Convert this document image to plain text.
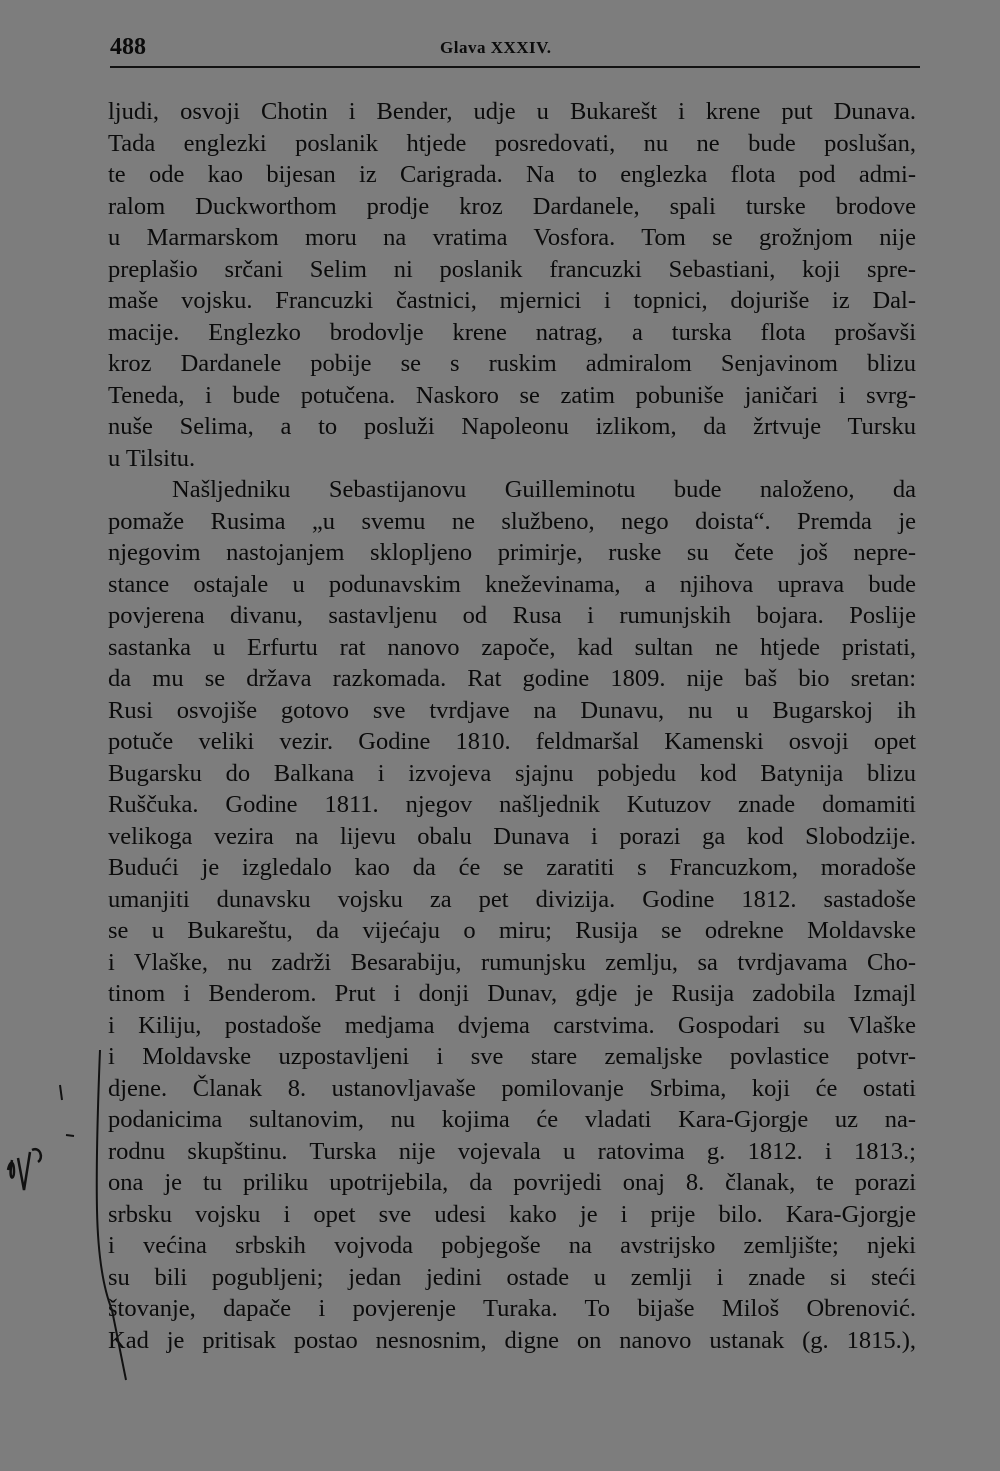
488	Glava XXXIV.
ljudi, osvoji Chotin i Bender, udje u Bukarešt i krene put Dunava.
Tada englezki poslanik htjede posredovati, nu ne bude poslušan,
te ode kao bijesan iz Carigrada. Na to englezka flota pod admi-
ralom Duckworthom prodje kroz Dardanele, spali turske brodove
u Marmarskom moru na vratima Vosfora. Tom se grožnjom nije
preplašio srčani Selim ni poslanik francuzki Sebastiani, koji spre-
maše vojsku. Francuzki častnici, mjernici i topnici, dojuriše iz Dal-
macije. Englezko brodovlje krene natrag, a turska flota prošavši
kroz Dardanele pobije se s ruskim admiralom Senjavinom blizu
Teneda, i bude potučena. Naskoro se zatim pobuniše janičari i svrg-
nuše Selima, a to posluži Napoleonu izlikom, da žrtvuje Tursku
u Tilsitu.
Našljedniku Sebastijanovu Guilleminotu bude naloženo, da
pomaže Rusima „u svemu ne službeno, nego doista“. Premda je
njegovim nastojanjem sklopljeno primirje, ruske su čete još nepre-
stance ostajale u podunavskim kneževinama, a njihova uprava bude
povjerena divanu, sastavljenu od Rusa i rumunjskih bojara. Poslije
sastanka u Erfurtu rat nanovo započe, kad sultan ne htjede pristati,
da mu se država razkomada. Rat godine 1809. nije baš bio sretan:
Rusi osvojiše gotovo sve tvrdjave na Dunavu, nu u Bugarskoj ih
potuče veliki vezir. Godine 1810. feldmaršal Kamenski osvoji opet
Bugarsku do Balkana i izvojeva sjajnu pobjedu kod Batynija blizu
Ruščuka. Godine 1811. njegov našljednik Kutuzov znade domamiti
velikoga vezira na lijevu obalu Dunava i porazi ga kod Slobodzije.
Budući je izgledalo kao da će se zaratiti s Francuzkom, moradoše
umanjiti dunavsku vojsku za pet divizija. Godine 1812. sastadoše
se u Bukareštu, da vijećaju o miru; Rusija se odrekne Moldavske
i Vlaške, nu zadrži Besarabiju, rumunjsku zemlju, sa tvrdjavama Cho-
tinom i Benderom. Prut i donji Dunav, gdje je Rusija zadobila Izmajl
i Kiliju, postadoše medjama dvjema carstvima. Gospodari su Vlaške
i Moldavske uzpostavljeni i sve stare zemaljske povlastice potvr-
djene. Članak 8. ustanovljavaše pomilovanje Srbima, koji će ostati
podanicima sultanovim, nu kojima će vladati Kara-Gjorgje uz na-
rodnu skupštinu. Turska nije vojevala u ratovima g. 1812. i 1813.;
ona je tu priliku upotrijebila, da povrijedi onaj 8. članak, te porazi
srbsku vojsku i opet sve udesi kako je i prije bilo. Kara-Gjorgje
i većina srbskih vojvoda pobjegoše na avstrijsko zemljište; njeki
su bili pogubljeni; jedan jedini ostade u zemlji i znade si steći
štovanje, dapače i povjerenje Turaka. To bijaše Miloš Obrenović.
Kad je pritisak postao nesnosnim, digne on nanovo ustanak (g. 1815.),
